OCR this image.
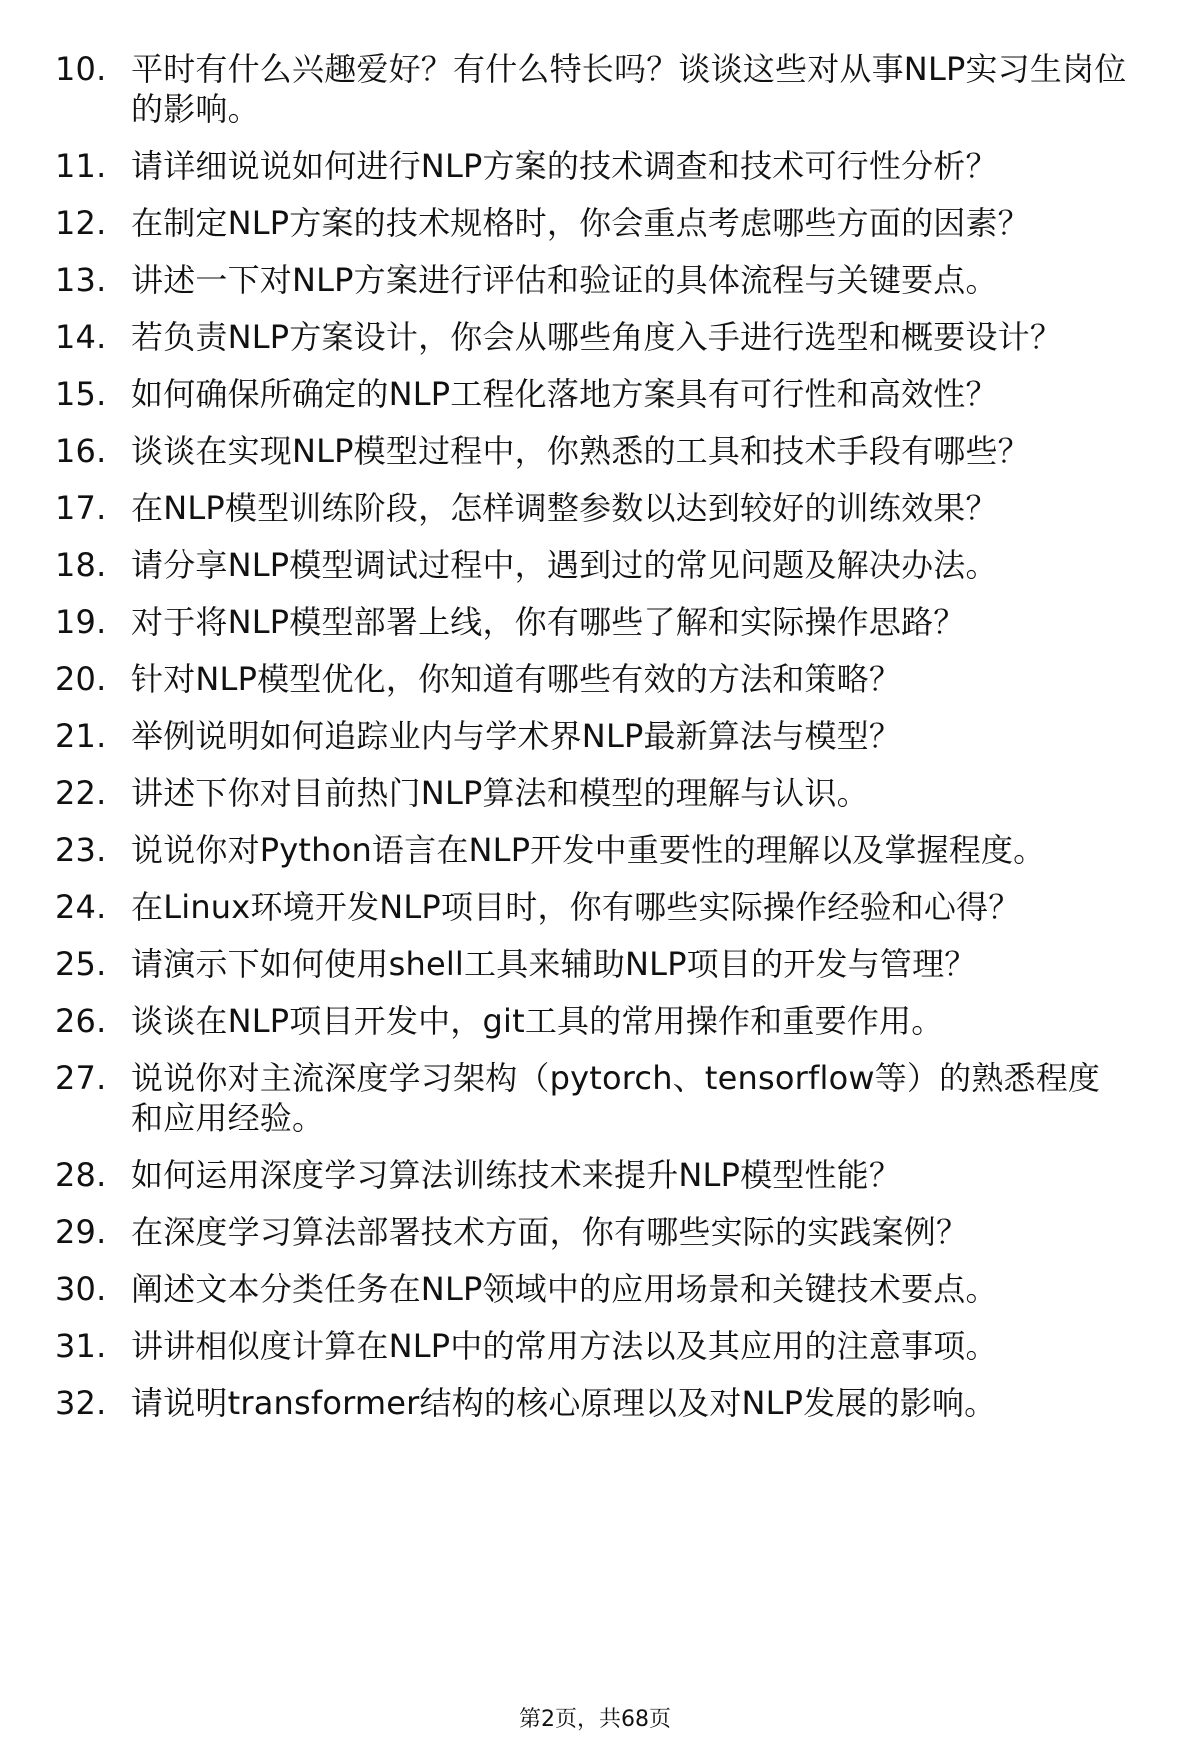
10. 平时有什么兴趣爱好？有什么特长吗？谈谈这些对从事NLP实习生岗位的影响。
11. 请详细说说如何进行NLP方案的技术调查和技术可行性分析？
12. 在制定NLP方案的技术规格时，你会重点考虑哪些方面的因素？
13. 讲述一下对NLP方案进行评估和验证的具体流程与关键要点。
14. 若负责NLP方案设计，你会从哪些角度入手进行选型和概要设计？
15. 如何确保所确定的NLP工程化落地方案具有可行性和高效性？
16. 谈谈在实现NLP模型过程中，你熟悉的工具和技术手段有哪些？
17. 在NLP模型训练阶段，怎样调整参数以达到较好的训练效果？
18. 请分享NLP模型调试过程中，遇到过的常见问题及解决办法。
19. 对于将NLP模型部署上线，你有哪些了解和实际操作思路？
20. 针对NLP模型优化，你知道有哪些有效的方法和策略？
21. 举例说明如何追踪业内与学术界NLP最新算法与模型？
22. 讲述下你对目前热门NLP算法和模型的理解与认识。
23. 说说你对Python语言在NLP开发中重要性的理解以及掌握程度。
24. 在Linux环境开发NLP项目时，你有哪些实际操作经验和心得？
25. 请演示下如何使用shell工具来辅助NLP项目的开发与管理？
26. 谈谈在NLP项目开发中，git工具的常用操作和重要作用。
27. 说说你对主流深度学习架构（pytorch、tensorflow等）的熟悉程度和应用经验。
28. 如何运用深度学习算法训练技术来提升NLP模型性能？
29. 在深度学习算法部署技术方面，你有哪些实际的实践案例？
30. 阐述文本分类任务在NLP领域中的应用场景和关键技术要点。
31. 讲讲相似度计算在NLP中的常用方法以及其应用的注意事项。
32. 请说明transformer结构的核心原理以及对NLP发展的影响。
第2页，共68页
